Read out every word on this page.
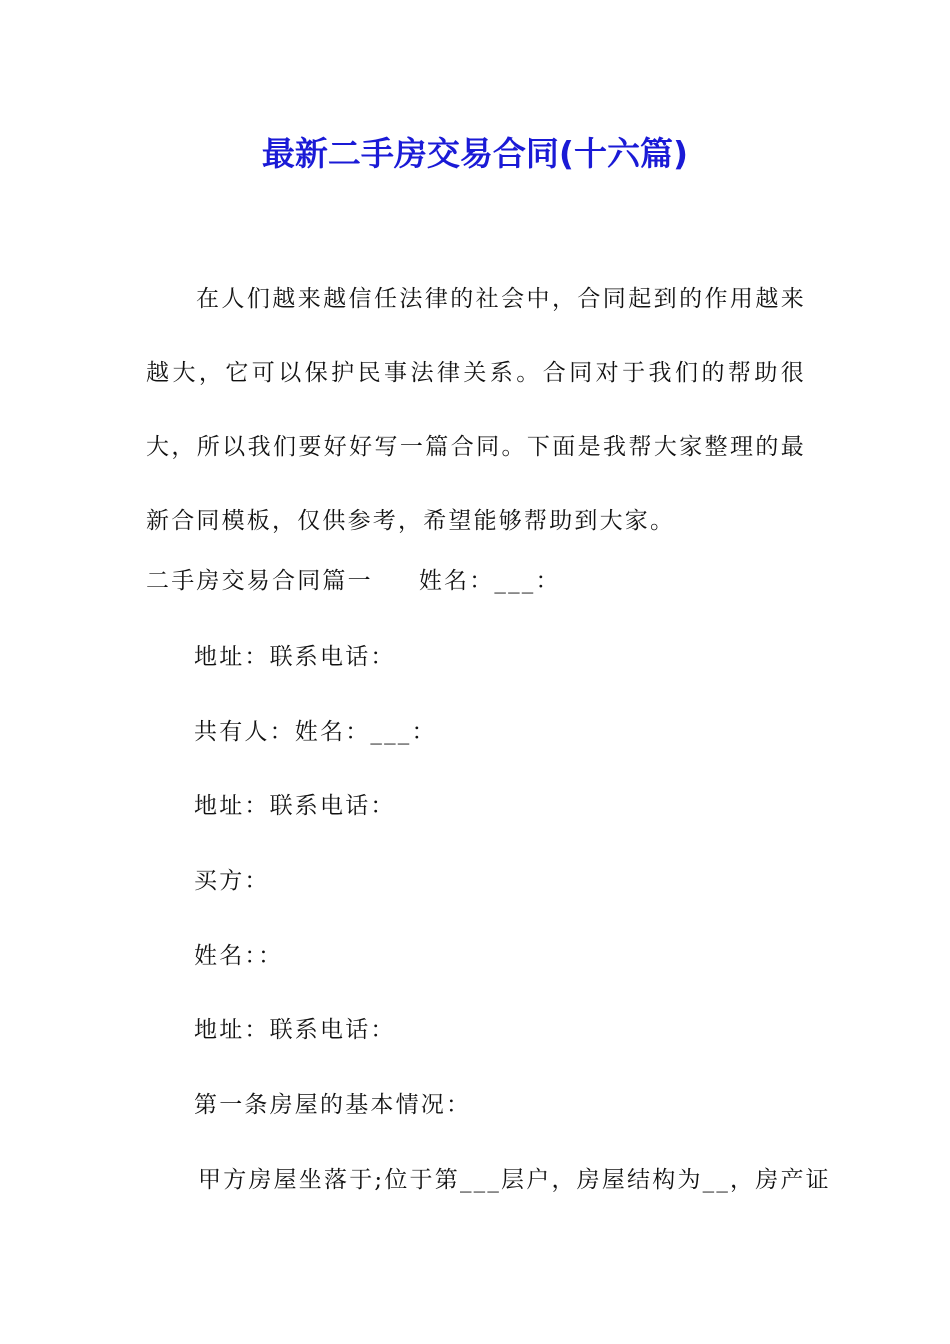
最新二手房交易合同(十六篇)
在人们越来越信任法律的社会中，合同起到的作用越来越大，它可以保护民事法律关系。合同对于我们的帮助很大，所以我们要好好写一篇合同。下面是我帮大家整理的最新合同模板，仅供参考，希望能够帮助到大家。
二手房交易合同篇一 姓名：___：
地址：联系电话：
共有人：姓名：___：
地址：联系电话：
买方：
姓名：：
地址：联系电话：
第一条房屋的基本情况：
甲方房屋坐落于;位于第___层户，房屋结构为__，房产证
